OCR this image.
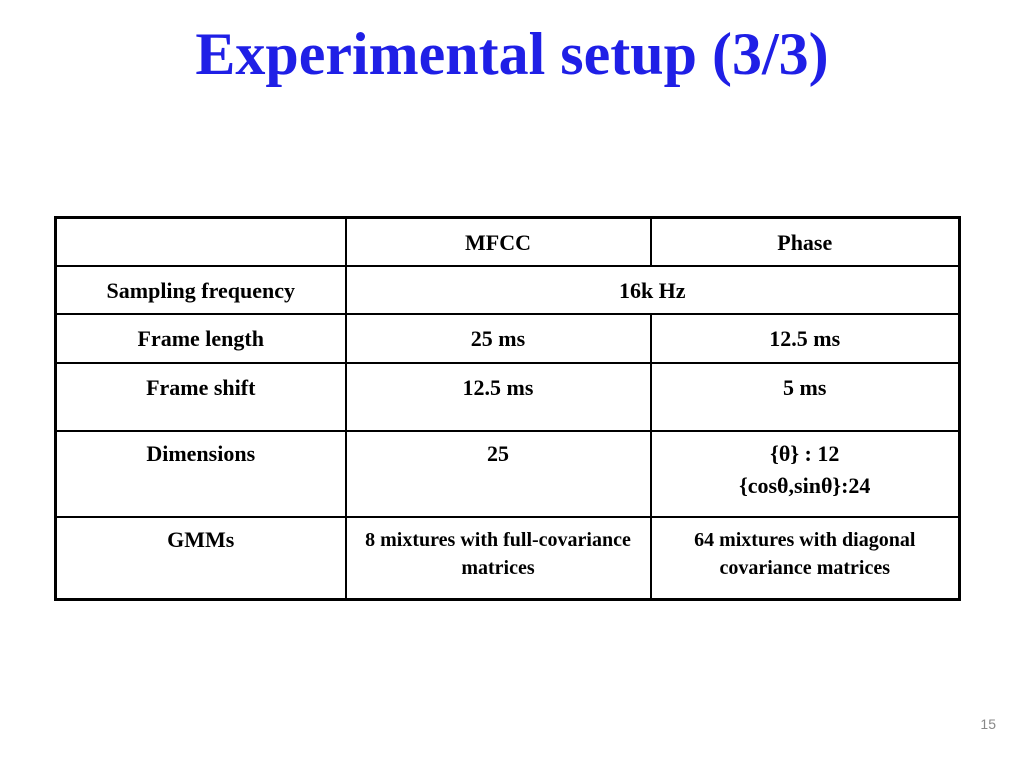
Experimental setup (3/3)
	MFCC	Phase
Sampling frequency	16k Hz	
Frame length	25 ms	12.5 ms
Frame shift	12.5 ms	5 ms
Dimensions	25	{θ} : 12
{cosθ,sinθ}:24

GMMs	8 mixtures with full-covariance matrices	64 mixtures with diagonal covariance matrices
15
